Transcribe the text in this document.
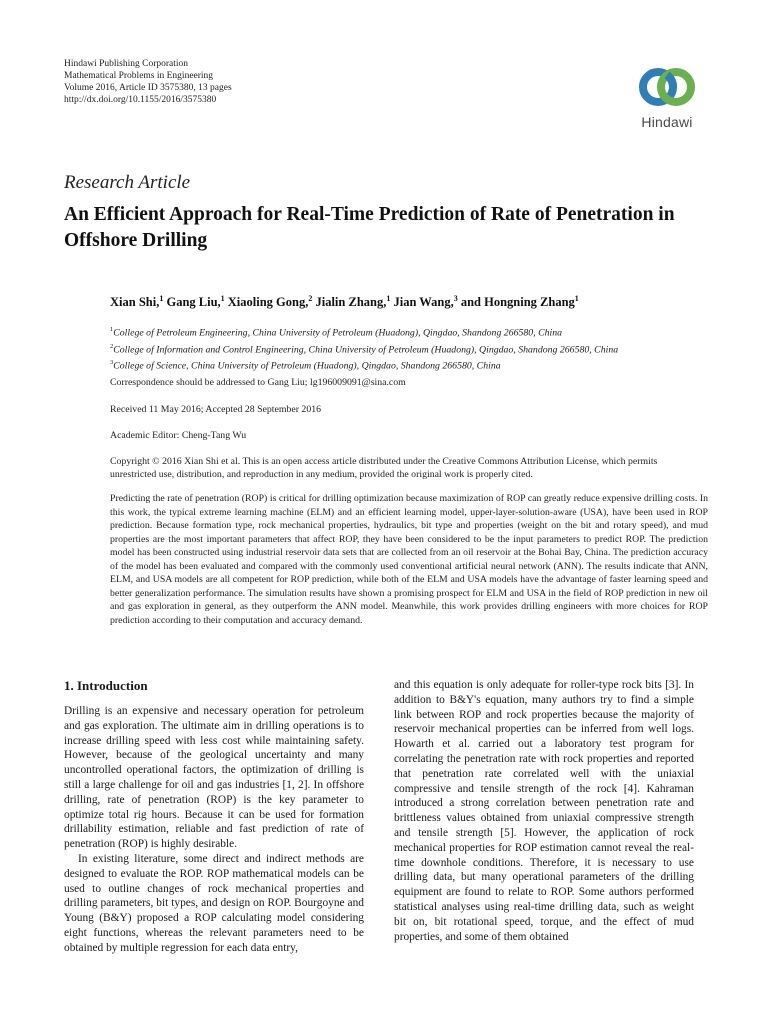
Hindawi Publishing Corporation
Mathematical Problems in Engineering
Volume 2016, Article ID 3575380, 13 pages
http://dx.doi.org/10.1155/2016/3575380
Hindawi
Research Article
An Efficient Approach for Real-Time Prediction of Rate of Penetration in Offshore Drilling
Xian Shi,$^1$ Gang Liu,$^1$ Xiaoling Gong,$^2$ Jialin Zhang,$^1$ Jian Wang,$^3$ and Hongning Zhang$^1$
$^1$College of Petroleum Engineering, China University of Petroleum (Huadong), Qingdao, Shandong 266580, China
$^2$College of Information and Control Engineering, China University of Petroleum (Huadong), Qingdao, Shandong 266580, China
$^3$College of Science, China University of Petroleum (Huadong), Qingdao, Shandong 266580, China
Correspondence should be addressed to Gang Liu; lg196009091@sina.com
Received 11 May 2016; Accepted 28 September 2016
Academic Editor: Cheng-Tang Wu
Copyright © 2016 Xian Shi et al. This is an open access article distributed under the Creative Commons Attribution License, which permits unrestricted use, distribution, and reproduction in any medium, provided the original work is properly cited.
Predicting the rate of penetration (ROP) is critical for drilling optimization because maximization of ROP can greatly reduce expensive drilling costs. In this work, the typical extreme learning machine (ELM) and an efficient learning model, upper-layer-solution-aware (USA), have been used in ROP prediction. Because formation type, rock mechanical properties, hydraulics, bit type and properties (weight on the bit and rotary speed), and mud properties are the most important parameters that affect ROP, they have been considered to be the input parameters to predict ROP. The prediction model has been constructed using industrial reservoir data sets that are collected from an oil reservoir at the Bohai Bay, China. The prediction accuracy of the model has been evaluated and compared with the commonly used conventional artificial neural network (ANN). The results indicate that ANN, ELM, and USA models are all competent for ROP prediction, while both of the ELM and USA models have the advantage of faster learning speed and better generalization performance. The simulation results have shown a promising prospect for ELM and USA in the field of ROP prediction in new oil and gas exploration in general, as they outperform the ANN model. Meanwhile, this work provides drilling engineers with more choices for ROP prediction according to their computation and accuracy demand.
1. Introduction

Drilling is an expensive and necessary operation for petroleum and gas exploration. The ultimate aim in drilling operations is to increase drilling speed with less cost while maintaining safety. However, because of the geological uncertainty and many uncontrolled operational factors, the optimization of drilling is still a large challenge for oil and gas industries [1, 2]. In offshore drilling, rate of penetration (ROP) is the key parameter to optimize total rig hours. Because it can be used for formation drillability estimation, reliable and fast prediction of rate of penetration (ROP) is highly desirable.

In existing literature, some direct and indirect methods are designed to evaluate the ROP. ROP mathematical models can be used to outline changes of rock mechanical properties and drilling parameters, bit types, and design on ROP. Bourgoyne and Young (B&Y) proposed a ROP calculating model considering eight functions, whereas the relevant parameters need to be obtained by multiple regression for each data entry,

and this equation is only adequate for roller-type rock bits [3]. In addition to B&Y's equation, many authors try to find a simple link between ROP and rock properties because the majority of reservoir mechanical properties can be inferred from well logs. Howarth et al. carried out a laboratory test program for correlating the penetration rate with rock properties and reported that penetration rate correlated well with the uniaxial compressive and tensile strength of the rock [4]. Kahraman introduced a strong correlation between penetration rate and brittleness values obtained from uniaxial compressive strength and tensile strength [5]. However, the application of rock mechanical properties for ROP estimation cannot reveal the real-time downhole conditions. Therefore, it is necessary to use drilling data, but many operational parameters of the drilling equipment are found to relate to ROP. Some authors performed statistical analyses using real-time drilling data, such as weight bit on, bit rotational speed, torque, and the effect of mud properties, and some of them obtained
